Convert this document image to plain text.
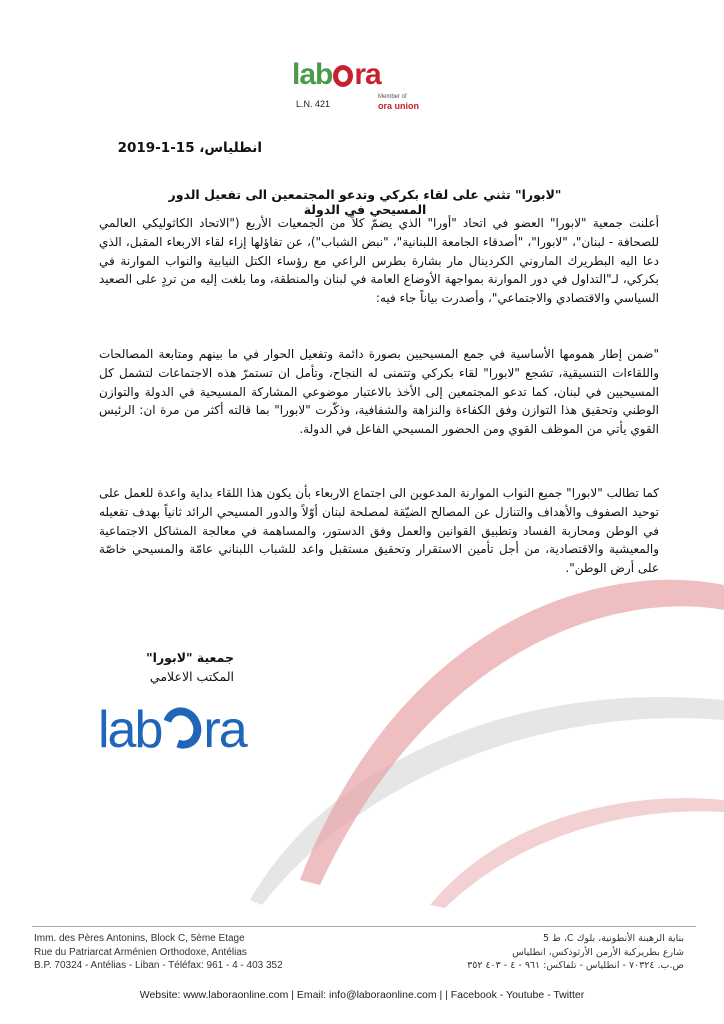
lab ra
Member of
ora union
L.N. 421
انطلياس، 15-1-2019
"لابورا" تثني على لقاء بكركي وتدعو المجتمعين الى تفعيل الدور المسيحي في الدولة
أعلنت جمعية "لابورا" العضو في اتحاد "أورا" الذي يضمّ كلاً من الجمعيات الأربع ("الاتحاد الكاثوليكي العالمي للصحافة - لبنان"، "لابورا"، "أصدقاء الجامعة اللبنانية"، "نبض الشباب")، عن تفاؤلها إزاء لقاء الاربعاء المقبل، الذي دعا اليه البطريرك الماروني الكردينال مار بشارة بطرس الراعي مع رؤساء الكتل النيابية والنواب الموارنة في بكركي، لـ"التداول في دور الموارنة بمواجهة الأوضاع العامة في لبنان والمنطقة، وما بلغت إليه من تردٍ على الصعيد السياسي والاقتصادي والاجتماعي"، وأصدرت بياناً جاء فيه:
"ضمن إطار همومها الأساسية في جمع المسيحيين بصورة دائمة وتفعيل الحوار في ما بينهم ومتابعة المصالحات واللقاءات التنسيقية، تشجع "لابورا" لقاء بكركي وتتمنى له النجاح، وتأمل ان تستمرّ هذه الاجتماعات لتشمل كل المسيحيين في لبنان، كما تدعو المجتمعين إلى الأخذ بالاعتبار موضوعي المشاركة المسيحية في الدولة والتوازن الوطني وتحقيق هذا التوازن وفق الكفاءة والنزاهة والشفافية، وذكّرت "لابورا" بما قالته أكثر من مرة ان: الرئيس القوي يأتي من الموظف القوي ومن الحضور المسيحي الفاعل في الدولة.
كما تطالب "لابورا" جميع النواب الموارنة المدعوين الى اجتماع الاربعاء بأن يكون هذا اللقاء بداية واعدة للعمل على توحيد الصفوف والأهداف والتنازل عن المصالح الضيّقة لمصلحة لبنان أوّلاً والدور المسيحي الرائد ثانياً بهدف تفعيله في الوطن ومحاربة الفساد وتطبيق القوانين والعمل وفق الدستور، والمساهمة في معالجة المشاكل الاجتماعية والمعيشية والاقتصادية، من أجل تأمين الاستقرار وتحقيق مستقبل واعد للشباب اللبناني عامّة والمسيحي خاصّة على أرض الوطن".
جمعية "لابورا"
المكتب الاعلامي
lab ra
Imm. des Pères Antonins, Block C, 5ème Etage
Rue du Patriarcat Arménien Orthodoxe, Antélias
B.P. 70324 - Antélias - Liban - Téléfax: 961 - 4 - 403 352
بناية الرهبنة الأنطونية، بلوك C، ط 5
شارع بطريركية الأرمن الأرثوذكس، انطلياس
ص.ب. ٧٠٣٢٤ - انطلياس - تلفاكس: ٩٦١ - ٤ - ٤٠٣ ٣٥٢
Website: www.laboraonline.com | Email: info@laboraonline.com | | Facebook - Youtube - Twitter
